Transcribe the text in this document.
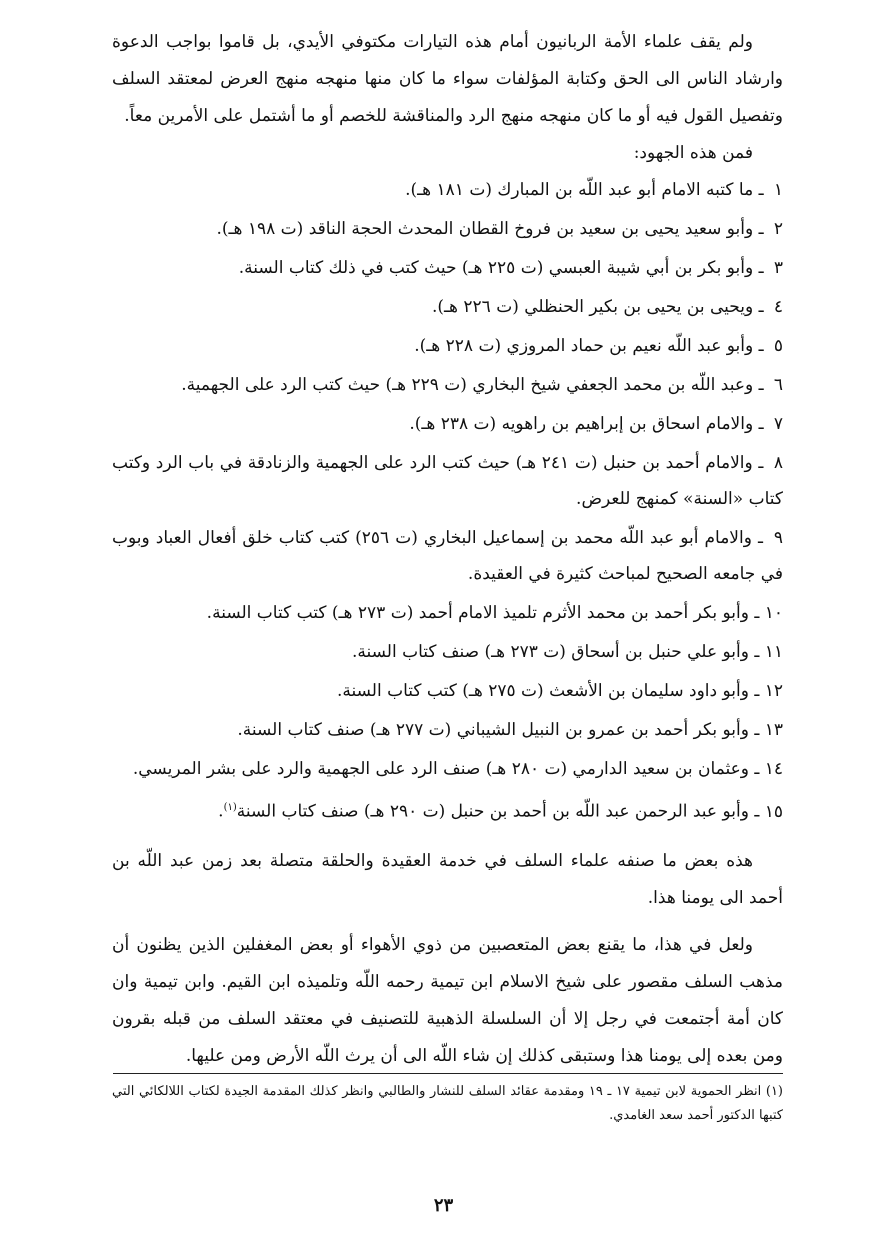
ولم يقف علماء الأمة الربانيون أمام هذه التيارات مكتوفي الأيدي، بل قاموا بواجب الدعوة وارشاد الناس الى الحق وكتابة المؤلفات سواء ما كان منها منهجه منهج العرض لمعتقد السلف وتفصيل القول فيه أو ما كان منهجه منهج الرد والمناقشة للخصم أو ما أشتمل على الأمرين معاً.

فمن هذه الجهود:

١ ـ ما كتبه الامام أبو عبد اللّه بن المبارك (ت ١٨١ هـ).
٢ ـ وأبو سعيد يحيى بن سعيد بن فروخ القطان المحدث الحجة الناقد (ت ١٩٨ هـ).
٣ ـ وأبو بكر بن أبي شيبة العبسي (ت ٢٢٥ هـ) حيث كتب في ذلك كتاب السنة.
٤ ـ ويحيى بن يحيى بن بكير الحنظلي (ت ٢٢٦ هـ).
٥ ـ وأبو عبد اللّه نعيم بن حماد المروزي (ت ٢٢٨ هـ).
٦ ـ وعبد اللّه بن محمد الجعفي شيخ البخاري (ت ٢٢٩ هـ) حيث كتب الرد على الجهمية.
٧ ـ والامام اسحاق بن إبراهيم بن راهويه (ت ٢٣٨ هـ).
٨ ـ والامام أحمد بن حنبل (ت ٢٤١ هـ) حيث كتب الرد على الجهمية والزنادقة في باب الرد وكتب كتاب «السنة» كمنهج للعرض.
٩ ـ والامام أبو عبد اللّه محمد بن إسماعيل البخاري (ت ٢٥٦) كتب كتاب خلق أفعال العباد وبوب في جامعه الصحيح لمباحث كثيرة في العقيدة.
١٠ ـ وأبو بكر أحمد بن محمد الأثرم تلميذ الامام أحمد (ت ٢٧٣ هـ) كتب كتاب السنة.
١١ ـ وأبو علي حنبل بن أسحاق (ت ٢٧٣ هـ) صنف كتاب السنة.
١٢ ـ وأبو داود سليمان بن الأشعث (ت ٢٧٥ هـ) كتب كتاب السنة.
١٣ ـ وأبو بكر أحمد بن عمرو بن النبيل الشيباني (ت ٢٧٧ هـ) صنف كتاب السنة.
١٤ ـ وعثمان بن سعيد الدارمي (ت ٢٨٠ هـ) صنف الرد على الجهمية والرد على بشر المريسي.
١٥ ـ وأبو عبد الرحمن عبد اللّه بن أحمد بن حنبل (ت ٢٩٠ هـ) صنف كتاب السنة$^{(١)}$.

هذه بعض ما صنفه علماء السلف في خدمة العقيدة والحلقة متصلة بعد زمن عبد اللّه بن أحمد الى يومنا هذا.

ولعل في هذا، ما يقنع بعض المتعصبين من ذوي الأهواء أو بعض المغفلين الذين يظنون أن مذهب السلف مقصور على شيخ الاسلام ابن تيمية رحمه اللّه وتلميذه ابن القيم. وابن تيمية وان كان أمة أجتمعت في رجل إلا أن السلسلة الذهبية للتصنيف في معتقد السلف من قبله بقرون ومن بعده إلى يومنا هذا وستبقى كذلك إن شاء اللّه الى أن يرث اللّه الأرض ومن عليها.

(١) انظر الحموية لابن تيمية ١٧ ـ ١٩ ومقدمة عقائد السلف للنشار والطالبي وانظر كذلك المقدمة الجيدة لكتاب اللالكائي التي كتبها الدكتور أحمد سعد الغامدي.
٢٣
